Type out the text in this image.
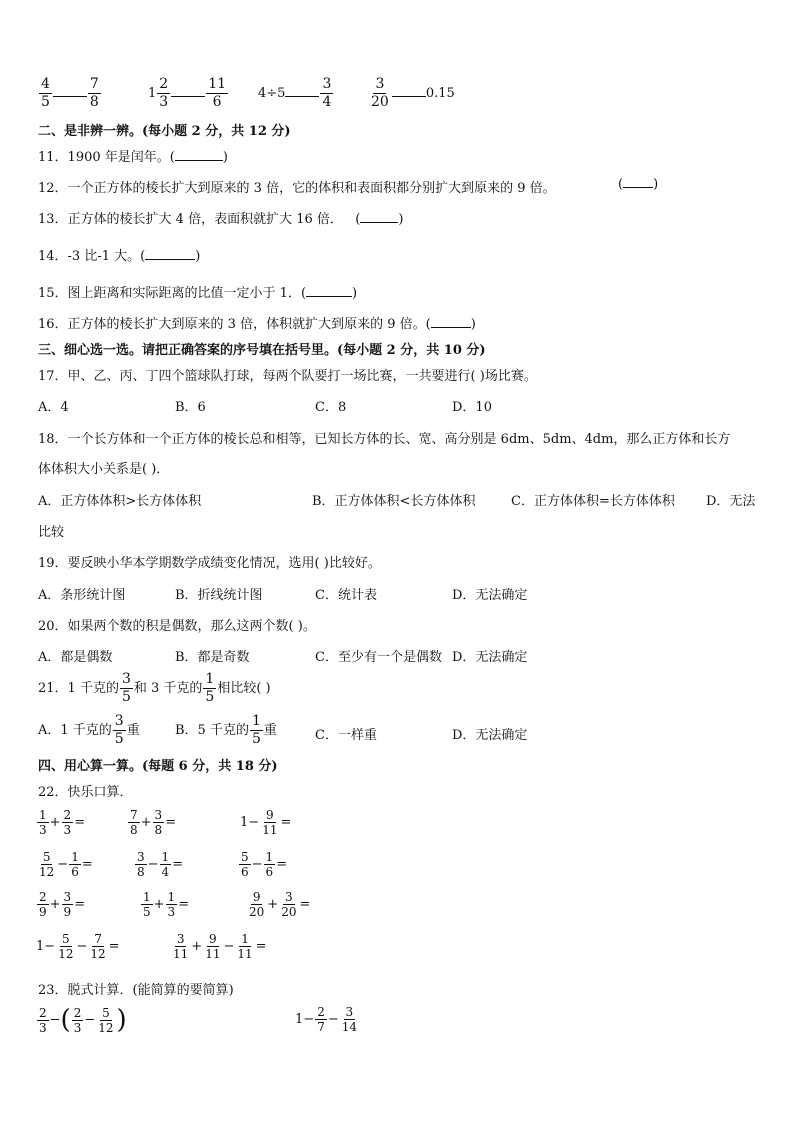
$\frac{4}{5}$	$\frac{7}{8}$	$1 \frac{2}{3}$	$\frac{11}{6} 4\div 5$	$\frac{3}{4}$	$\frac{3}{20}$	0.15
二、是非辨一辨。(每小题 2 分，共 12 分)
11．1900 年是闰年。(	)
12．一个正方体的棱长扩大到原来的 3 倍，它的体积和表面积都分别扩大到原来的 9 倍。	( )
13．正方体的棱长扩大 4 倍，表面积就扩大 16 倍． (	)
14．-3 比-1 大。(	)
15．图上距离和实际距离的比值一定小于 1．(	)
16．正方体的棱长扩大到原来的 3 倍，体积就扩大到原来的 9 倍。(	)
三、细心选一选。请把正确答案的序号填在括号里。(每小题 2 分，共 10 分)
17．甲、乙、丙、丁四个篮球队打球，每两个队要打一场比赛，一共要进行( )场比赛。
A．4	B．6	C．8	D．10
18．一个长方体和一个正方体的棱长总和相等，已知长方体的长、宽、高分别是 6dm、5dm、4dm，那么正方体和长方
体体积大小关系是( )．
A．正方体体积>长方体体积	B．正方体体积<长方体体积	C．正方体体积=长方体体积 D．无法
比较
19．要反映小华本学期数学成绩变化情况，选用( )比较好。
A．条形统计图	B．折线统计图	C．统计表	D．无法确定
20．如果两个数的积是偶数，那么这两个数( )。
A．都是偶数	B．都是奇数	C．至少有一个是偶数 D．无法确定
21．1 千克的 $\frac{3}{5}$ 和 3 千克的 $\frac{1}{5}$ 相比较( )
A．1 千克的 $\frac{3}{5}$ 重	B．5 千克的 $\frac{1}{5}$ 重	C．一样重	D．无法确定
四、用心算一算。(每题 6 分，共 18 分)
22．快乐口算．
$\frac{1}{3} + \frac{2}{3}$ =	$\frac{7}{8} + \frac{3}{8}$ =	$1- \frac{9}{11}$ =
$\frac{5}{12} - \frac{1}{6}$ =	$\frac{3}{8} - \frac{1}{4}$ =	$\frac{5}{6} - \frac{1}{6}$ =
$\frac{2}{9} + \frac{3}{9}$ =	$\frac{1}{5} + \frac{1}{3}$ =	$\frac{9}{20} + \frac{3}{20}$ =
$1- \frac{5}{12} - \frac{7}{12}$ =	$\frac{3}{11} + \frac{9}{11} - \frac{1}{11}$ =
23．脱式计算．(能简算的要简算)
$\frac{2}{3}$ −( $\frac{2}{3} - \frac{5}{12}$ )	$1- \frac{2}{7} - \frac{3}{14}$
